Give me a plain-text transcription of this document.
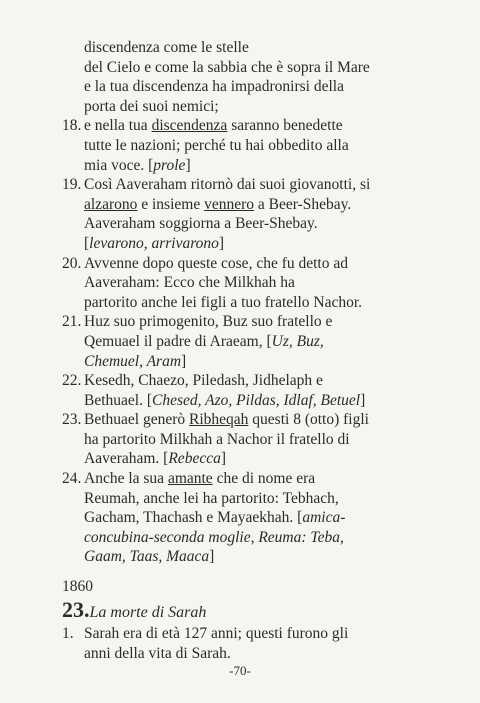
discendenza come le stelle
del Cielo e come la sabbia che è sopra il Mare
e la tua discendenza ha impadronirsi della
porta dei suoi nemici;
18. e nella tua discendenza saranno benedette
tutte le nazioni; perché tu hai obbedito alla
mia voce. [prole]
19. Così Aaveraham ritornò dai suoi giovanotti, si
alzarono e insieme vennero a Beer-Shebay.
Aaveraham soggiorna a Beer-Shebay.
[levarono, arrivarono]
20. Avvenne dopo queste cose, che fu detto ad
Aaveraham: Ecco che Milkhah ha
partorito anche lei figli a tuo fratello Nachor.
21. Huz suo primogenito, Buz suo fratello e
Qemuael il padre di Araeam, [Uz, Buz,
Chemuel, Aram]
22. Kesedh, Chaezo, Piledash, Jidhelaph e
Bethuael. [Chesed, Azo, Pildas, Idlaf, Betuel]
23. Bethuael generò Ribheqah questi 8 (otto) figli
ha partorito Milkhah a Nachor il fratello di
Aaveraham. [Rebecca]
24. Anche la sua amante che di nome era
Reumah, anche lei ha partorito: Tebhach,
Gacham, Thachash e Mayaekhah. [amica-
concubina-seconda moglie, Reuma: Teba,
Gaam, Taas, Maaca]
1860
23.La morte di Sarah
1. Sarah era di età 127 anni; questi furono gli
anni della vita di Sarah.
-70-
